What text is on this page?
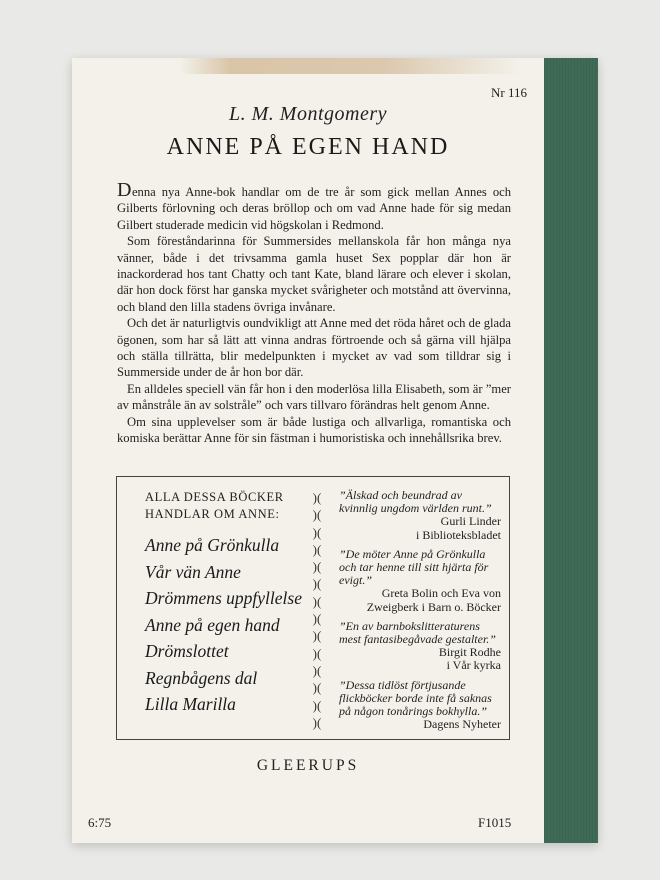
Nr 116
L. M. Montgomery
ANNE PÅ EGEN HAND

Denna nya Anne-bok handlar om de tre år som gick mellan Annes och Gilberts förlovning och deras bröllop och om vad Anne hade för sig medan Gilbert studerade medicin vid högskolan i Redmond.

Som föreståndarinna för Summersides mellanskola får hon många nya vänner, både i det trivsamma gamla huset Sex popplar där hon är inackorderad hos tant Chatty och tant Kate, bland lärare och elever i skolan, där hon dock först har ganska mycket svårigheter och motstånd att övervinna, och bland den lilla stadens övriga invånare.

Och det är naturligtvis oundvikligt att Anne med det röda håret och de glada ögonen, som har så lätt att vinna andras förtroende och så gärna vill hjälpa och ställa tillrätta, blir medelpunkten i mycket av vad som tilldrar sig i Summerside under de år hon bor där.

En alldeles speciell vän får hon i den moderlösa lilla Elisabeth, som är ”mer av månstråle än av solstråle” och vars tillvaro förändras helt genom Anne.

Om sina upplevelser som är både lustiga och allvarliga, romantiska och komiska berättar Anne för sin fästman i humoristiska och innehållsrika brev.

ALLA DESSA BÖCKER
HANDLAR OM ANNE:
Anne på Grönkulla
Vår vän Anne
Drömmens uppfyllelse
Anne på egen hand
Drömslottet
Regnbågens dal
Lilla Marilla
)(
)(
)(
)(
)(
)(
)(
)(
)(
)(
)(
)(
)(
)(
”Älskad och beundrad av kvinnlig ungdom världen runt.”
Gurli Linder
i Biblioteksbladet
”De möter Anne på Grönkulla och tar henne till sitt hjärta för evigt.”
Greta Bolin och Eva von
Zweigberk i Barn o. Böcker
”En av barnbokslitteraturens mest fantasibegåvade gestalter.”
Birgit Rodhe
i Vår kyrka
”Dessa tidlöst förtjusande flickböcker borde inte få saknas på någon tonårings bokhylla.”
Dagens Nyheter
GLEERUPS
6:75	F1015
